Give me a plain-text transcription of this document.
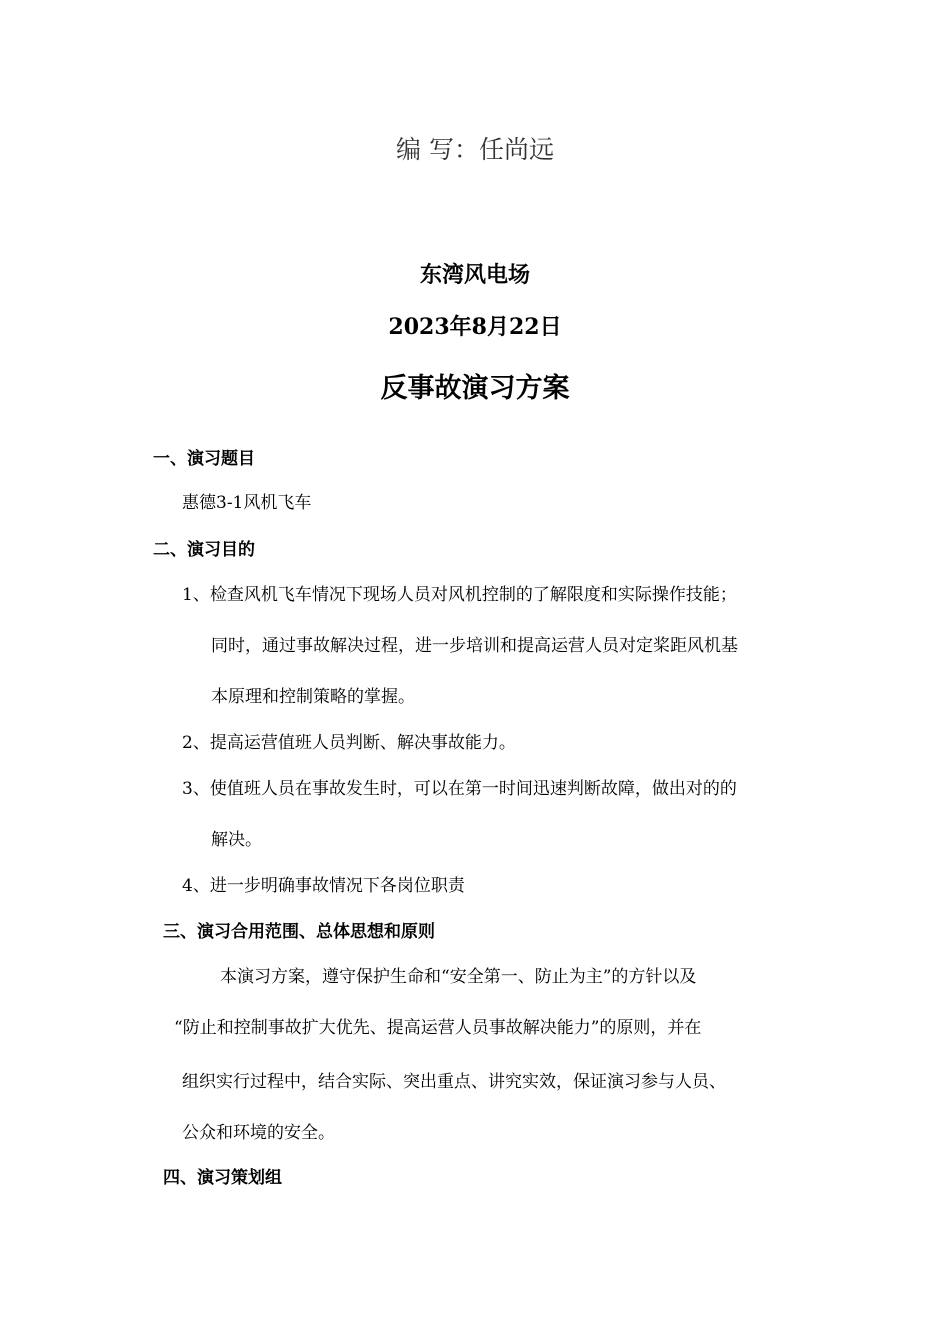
编 写：任尚远
东湾风电场
2023年8月22日
反事故演习方案
一、演习题目
惠德3-1风机飞车
二、演习目的
1、检查风机飞车情况下现场人员对风机控制的了解限度和实际操作技能；
同时，通过事故解决过程，进一步培训和提高运营人员对定桨距风机基
本原理和控制策略的掌握。
2、提高运营值班人员判断、解决事故能力。
3、使值班人员在事故发生时，可以在第一时间迅速判断故障，做出对的的
解决。
4、进一步明确事故情况下各岗位职责
三、演习合用范围、总体思想和原则
本演习方案，遵守保护生命和“安全第一、防止为主”的方针以及
“防止和控制事故扩大优先、提高运营人员事故解决能力”的原则，并在
组织实行过程中，结合实际、突出重点、讲究实效，保证演习参与人员、
公众和环境的安全。
四、演习策划组
